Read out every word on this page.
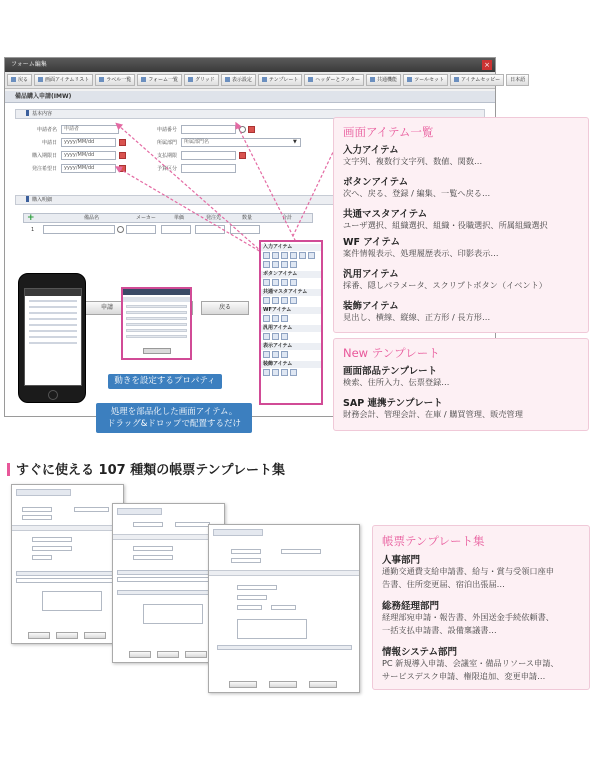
フォーム編集	×
戻る	画面アイテムリスト	ラベル一覧	フォーム一覧	グリッド	表示設定	テンプレート	ヘッダーとフッター	共通機能	ツールセット	アイテムセッピー	日本語
備品購入申請(IMW)
基本内容
申請者名	申請者	申請番号
申請日	yyyy/MM/dd	所属部門	所属部門名	▼
購入期限日	yyyy/MM/dd	支払期限
発注希望日	yyyy/MM/dd	予算区分
購入明細
備品名	メーカー	単価	発注先	数量	合計
+
1
申請	戻る
入力アイテム
ボタンアイテム
共通マスタアイテム
WFアイテム
汎用アイテム
表示アイテム
装飾アイテム
動きを設定するプロパティ
処理を部品化した画面アイテム。
ドラッグ&ドロップで配置するだけ
画面アイテム一覧
入力アイテム
文字列、複数行文字列、数値、関数…
ボタンアイテム
次へ、戻る、登録 / 編集、一覧へ戻る…
共通マスタアイテム
ユーザ選択、組織選択、組織・役職選択、所属組織選択
WF アイテム
案件情報表示、処理履歴表示、印影表示…
汎用アイテム
採番、隠しパラメータ、スクリプトボタン（イベント）
装飾アイテム
見出し、横線、縦線、正方形 / 長方形…
New テンプレート
画面部品テンプレート
検索、住所入力、伝票登録…
SAP 連携テンプレート
財務会計、管理会計、在庫 / 購買管理、販売管理
すぐに使える 107 種類の帳票テンプレート集
帳票テンプレート集
人事部門
通勤交通費支給申請書、給与・賞与受領口座申
告書、住所変更届、宿泊出張届…
総務経理部門
経理部宛申請・報告書、外国送金手続依頼書、
一括支払申請書、設備稟議書…
情報システム部門
PC 新規導入申請、会議室・備品リソース申請、
サービスデスク申請、権限追加、変更申請…
